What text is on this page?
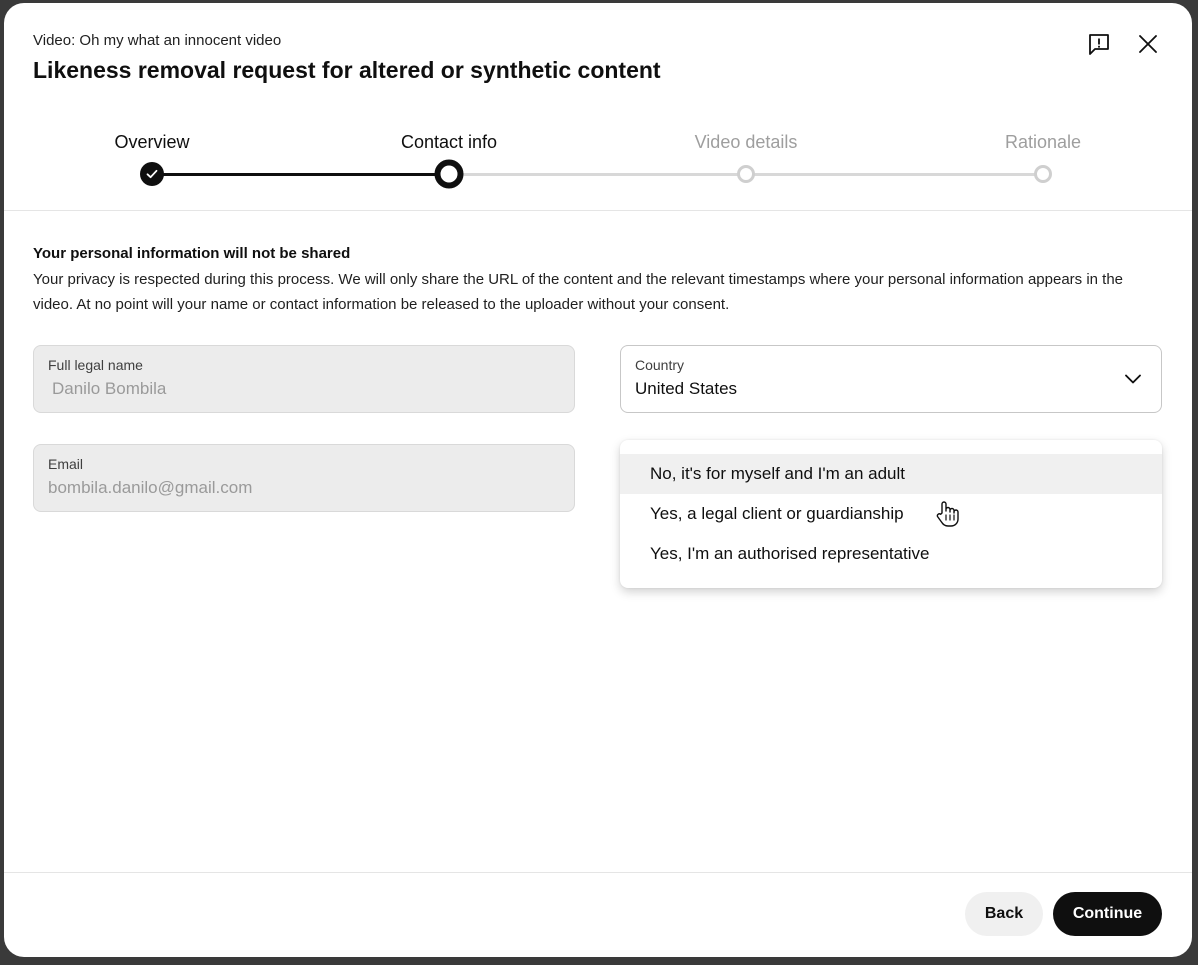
Video: Oh my what an innocent video
Likeness removal request for altered or synthetic content
Overview	Contact info	Video details	Rationale
Your personal information will not be shared
Your privacy is respected during this process. We will only share the URL of the content and the relevant timestamps where your personal information appears in the video. At no point will your name or contact information be released to the uploader without your consent.
Full legal name
Danilo Bombila
Email
bombila.danilo@gmail.com
Country
United States
No, it's for myself and I'm an adult
Yes, a legal client or guardianship
Yes, I'm an authorised representative
Back	Continue
